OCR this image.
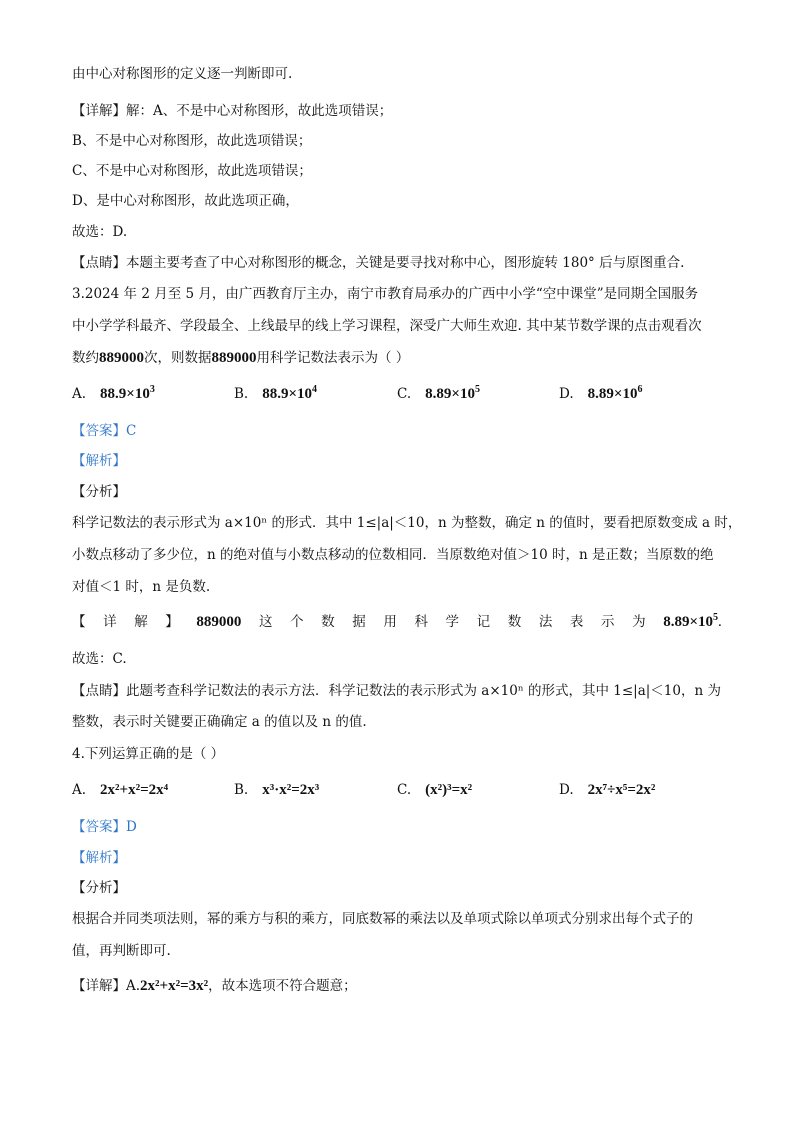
由中心对称图形的定义逐一判断即可.
【详解】解：A、不是中心对称图形，故此选项错误；
B、不是中心对称图形，故此选项错误；
C、不是中心对称图形，故此选项错误；
D、是中心对称图形，故此选项正确，
故选：D.
【点睛】本题主要考查了中心对称图形的概念，关键是要寻找对称中心，图形旋转 180° 后与原图重合.
3.2024 年 2 月至 5 月，由广西教育厅主办，南宁市教育局承办的广西中小学“空中课堂”是同期全国服务
中小学学科最齐、学段最全、上线最早的线上学习课程，深受广大师生欢迎. 其中某节数学课的点击观看次
数约889000次，则数据889000用科学记数法表示为（ ）
A. $88.9\times 10^3$	B. $88.9\times 10^4$	C. $8.89\times 10^5$	D. $8.89\times 10^6$
【答案】C
【解析】
【分析】
科学记数法的表示形式为 a×10ⁿ 的形式．其中 1≤|a|＜10，n 为整数，确定 n 的值时，要看把原数变成 a 时，
小数点移动了多少位，n 的绝对值与小数点移动的位数相同．当原数绝对值＞10 时，n 是正数；当原数的绝
对值＜1 时，n 是负数.
【 详 解 】 889000 这 个 数 据 用 科 学 记 数 法 表 示 为 $8.89\times 10^5$.
故选：C.
【点睛】此题考查科学记数法的表示方法．科学记数法的表示形式为 a×10ⁿ 的形式，其中 1≤|a|＜10，n 为
整数，表示时关键要正确确定 a 的值以及 n 的值.
4.下列运算正确的是（ ）
A. 2x²+x²=2x⁴	B. x³·x²=2x³	C. (x²)³=x²	D. 2x⁷÷x⁵=2x²
【答案】D
【解析】
【分析】
根据合并同类项法则，幂的乘方与积的乘方，同底数幂的乘法以及单项式除以单项式分别求出每个式子的
值，再判断即可.
【详解】A.2x²+x²=3x²，故本选项不符合题意；
